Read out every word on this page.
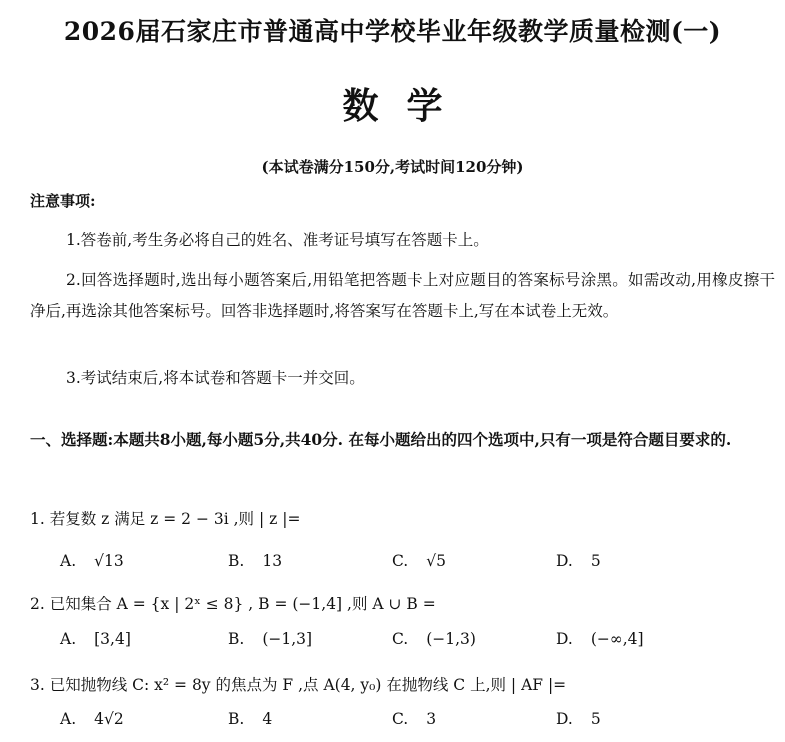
2026届石家庄市普通高中学校毕业年级教学质量检测(一)
数学
(本试卷满分150分,考试时间120分钟)
注意事项:
1.答卷前,考生务必将自己的姓名、准考证号填写在答题卡上。
2.回答选择题时,选出每小题答案后,用铅笔把答题卡上对应题目的答案标号涂黑。如需改动,用橡皮擦干净后,再选涂其他答案标号。回答非选择题时,将答案写在答题卡上,写在本试卷上无效。
3.考试结束后,将本试卷和答题卡一并交回。
一、选择题:本题共8小题,每小题5分,共40分. 在每小题给出的四个选项中,只有一项是符合题目要求的.
1. 若复数 z 满足 z = 2 − 3i ,则 | z |=
A. √13	B. 13	C. √5	D. 5
2. 已知集合 A = {x | 2ˣ ≤ 8} , B = (−1,4] ,则 A ∪ B =
A. [3,4]	B. (−1,3]	C. (−1,3)	D. (−∞,4]
3. 已知抛物线 C: x² = 8y 的焦点为 F ,点 A(4, y₀) 在抛物线 C 上,则 | AF |=
A. 4√2	B. 4	C. 3	D. 5
